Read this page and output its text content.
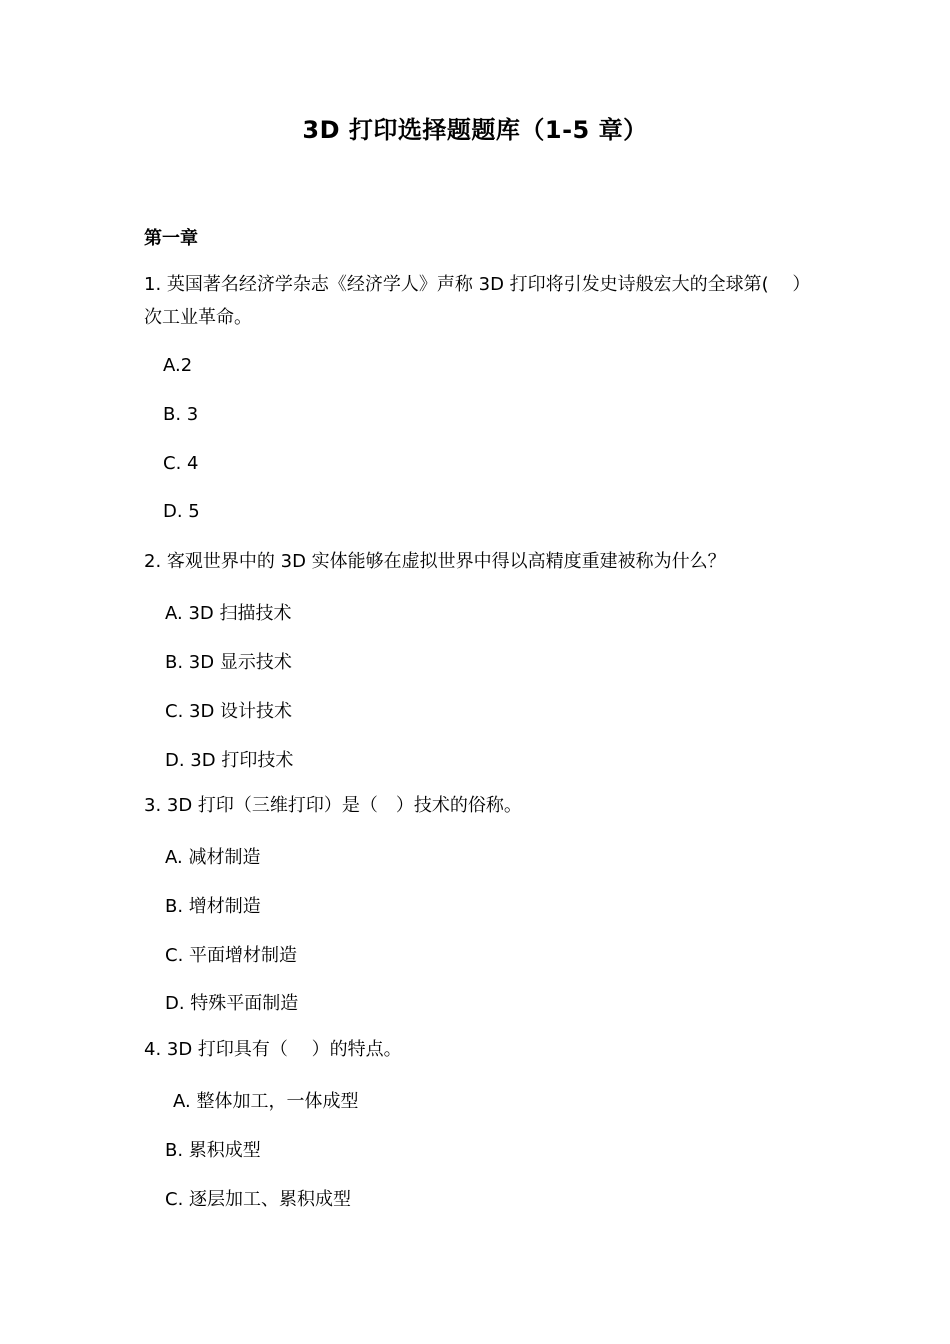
3D 打印选择题题库（1-5 章）
第一章
1. 英国著名经济学杂志《经济学人》声称 3D 打印将引发史诗般宏大的全球第(　 ）次工业革命。
A.2
B. 3
C. 4
D. 5
2. 客观世界中的 3D 实体能够在虚拟世界中得以高精度重建被称为什么？
A. 3D 扫描技术
B. 3D 显示技术
C. 3D 设计技术
D. 3D 打印技术
3. 3D 打印（三维打印）是（　）技术的俗称。
A. 减材制造
B. 增材制造
C. 平面增材制造
D. 特殊平面制造
4. 3D 打印具有（　 ）的特点。
A. 整体加工，一体成型
B. 累积成型
C. 逐层加工、累积成型
